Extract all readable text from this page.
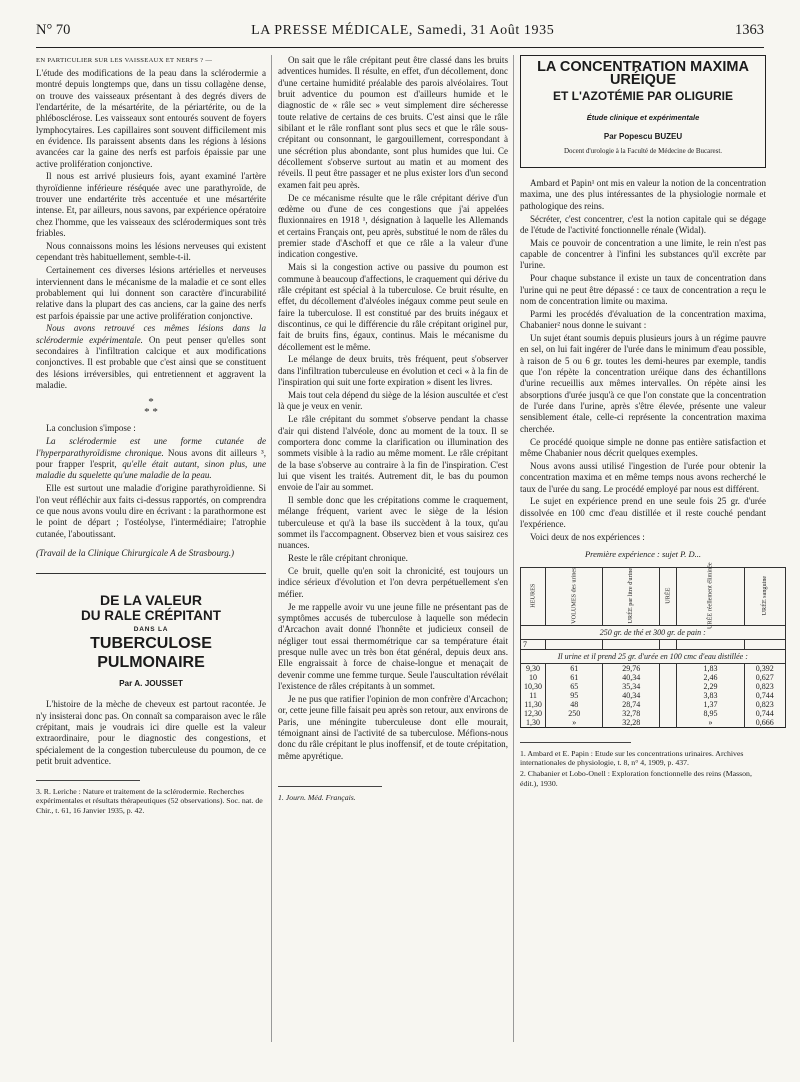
N° 70	LA PRESSE MÉDICALE, Samedi, 31 Août 1935	1363

EN PARTICULIER SUR LES VAISSEAUX ET NERFS ? —

L'étude des modifications de la peau dans la sclérodermie a montré depuis longtemps que, dans un tissu collagène dense, on trouve des vaisseaux présentant à des degrés divers de l'endartérite, de la mésartérite, de la périartérite, ou de la phlébosclérose. Les vaisseaux sont entourés souvent de foyers lymphocytaires. Les capillaires sont souvent difficilement mis en évidence. Ils paraissent absents dans les régions à lésions avancées car la gaine des nerfs est parfois épaissie par une active prolifération conjonctive.

Il nous est arrivé plusieurs fois, ayant examiné l'artère thyroïdienne inférieure réséquée avec une parathyroïde, de trouver une endartérite très accentuée et une mésartérite intense. Et, par ailleurs, nous savons, par expérience opératoire chez l'homme, que les vaisseaux des sclérodermiques sont très friables.

Nous connaissons moins les lésions nerveuses qui existent cependant très habituellement, semble-t-il.

Certainement ces diverses lésions artérielles et nerveuses interviennent dans le mécanisme de la maladie et ce sont elles probablement qui lui donnent son caractère d'incurabilité relative dans la plupart des cas anciens, car la gaine des nerfs est parfois épaissie par une active prolifération conjonctive.

Nous avons retrouvé ces mêmes lésions dans la sclérodermie expérimentale. On peut penser qu'elles sont secondaires à l'infiltration calcique et aux modifications conjonctives. Il est probable que c'est ainsi que se constituent des lésions irréversibles, qui entretiennent et aggravent la maladie.

*
* *

La conclusion s'impose :

La sclérodermie est une forme cutanée de l'hyperparathyroïdisme chronique. Nous avons dit ailleurs ³, pour frapper l'esprit, qu'elle était autant, sinon plus, une maladie du squelette qu'une maladie de la peau.

Elle est surtout une maladie d'origine parathyroïdienne. Si l'on veut réfléchir aux faits ci-dessus rapportés, on comprendra ce que nous avons voulu dire en écrivant : la parathormone est le point de départ ; l'ostéolyse, l'intermédiaire; l'atrophie cutanée, l'aboutissant.

(Travail de la Clinique Chirurgicale A de Strasbourg.)

DE LA VALEUR
DU RALE CRÉPITANT
DANS LA
TUBERCULOSE PULMONAIRE
Par A. JOUSSET

L'histoire de la mèche de cheveux est partout racontée. Je n'y insisterai donc pas. On connaît sa comparaison avec le râle crépitant, mais je voudrais ici dire quelle est la valeur extraordinaire, pour le diagnostic des congestions, et spécialement de la congestion tuberculeuse du poumon, de ce petit bruit adventice.

3. R. Leriche : Nature et traitement de la sclérodermie. Recherches expérimentales et résultats thérapeutiques (52 observations). Soc. nat. de Chir., t. 61, 16 Janvier 1935, p. 42.

On sait que le râle crépitant peut être classé dans les bruits adventices humides. Il résulte, en effet, d'un décollement, donc d'une certaine humidité préalable des parois alvéolaires. Tout bruit adventice du poumon est d'ailleurs humide et le diagnostic de « râle sec » veut simplement dire sécheresse toute relative de certains de ces bruits. C'est ainsi que le râle sibilant et le râle ronflant sont plus secs et que le râle sous-crépitant ou consonnant, le gargouillement, correspondant à une sécrétion plus abondante, sont plus humides que lui. Ce décollement s'observe surtout au matin et au moment des réveils. Il peut être passager et ne plus exister lors d'un second examen fait peu après.

De ce mécanisme résulte que le râle crépitant dérive d'un œdème ou d'une de ces congestions que j'ai appelées fluxionnaires en 1918 ¹, désignation à laquelle les Allemands et certains Français ont, peu après, substitué le nom de râles du premier stade d'Aschoff et que ce râle a la valeur d'une indication congestive.

Mais si la congestion active ou passive du poumon est commune à beaucoup d'affections, le craquement qui dérive du râle crépitant est spécial à la tuberculose. Ce bruit résulte, en effet, du décollement d'alvéoles inégaux comme peut seule en faire la tuberculose. Il est constitué par des bruits inégaux et discontinus, ce qui le différencie du râle crépitant originel pur, fait de bruits fins, égaux, continus. Mais le mécanisme du décollement est le même.

Le mélange de deux bruits, très fréquent, peut s'observer dans l'infiltration tuberculeuse en évolution et ceci « à la fin de l'inspiration qui suit une forte expiration » disent les livres.

Mais tout cela dépend du siège de la lésion auscultée et c'est là que je veux en venir.

Le râle crépitant du sommet s'observe pendant la chasse d'air qui distend l'alvéole, donc au moment de la toux. Il se comportera donc comme la clarification ou illumination des sommets visible à la radio au même moment. Le râle crépitant de la base s'observe au contraire à la fin de l'inspiration. C'est lui que visent les traités. Autrement dit, le bas du poumon envoie de l'air au sommet.

Il semble donc que les crépitations comme le craquement, mélange fréquent, varient avec le siège de la lésion tuberculeuse et qu'à la base ils succèdent à la toux, qu'au sommet ils l'accompagnent. Observez bien et vous saisirez ces nuances.

Reste le râle crépitant chronique.

Ce bruit, quelle qu'en soit la chronicité, est toujours un indice sérieux d'évolution et l'on devra perpétuellement s'en méfier.

Je me rappelle avoir vu une jeune fille ne présentant pas de symptômes accusés de tuberculose à laquelle son médecin d'Arcachon avait donné l'honnête et judicieux conseil de négliger tout essai thermométrique car sa température était presque nulle avec un très bon état général, depuis deux ans. Elle engraissait à force de chaise-longue et menaçait de devenir comme une femme turque. Seule l'auscultation révélait l'existence de râles crépitants à un sommet.

Je ne pus que ratifier l'opinion de mon confrère d'Arcachon; or, cette jeune fille faisait peu après son retour, aux environs de Paris, une méningite tuberculeuse dont elle mourait, témoignant ainsi de l'activité de sa tuberculose. Méfions-nous donc du râle crépitant le plus inoffensif, et de toute crépitation, même apyrétique.

1. Journ. Méd. Français.

LA CONCENTRATION MAXIMA
URÉIQUE
ET L'AZOTÉMIE PAR OLIGURIE
Étude clinique et expérimentale
Par Popescu BUZEU
Docent d'urologie à la Faculté de Médecine de Bucarest.

Ambard et Papin¹ ont mis en valeur la notion de la concentration maxima, une des plus intéressantes de la physiologie normale et pathologique des reins.

Sécréter, c'est concentrer, c'est la notion capitale qui se dégage de l'étude de l'activité fonctionnelle rénale (Widal).

Mais ce pouvoir de concentration a une limite, le rein n'est pas capable de concentrer à l'infini les substances qu'il excrète par l'urine.

Pour chaque substance il existe un taux de concentration dans l'urine qui ne peut être dépassé : ce taux de concentration a reçu le nom de concentration limite ou maxima.

Parmi les procédés d'évaluation de la concentration maxima, Chabanier² nous donne le suivant :

Un sujet étant soumis depuis plusieurs jours à un régime pauvre en sel, on lui fait ingérer de l'urée dans le minimum d'eau possible, à raison de 5 ou 6 gr. toutes les demi-heures par exemple, tandis que l'on répète la concentration uréique dans des échantillons d'urine recueillis aux mêmes intervalles. On répète ainsi les absorptions d'urée jusqu'à ce que l'on constate que la concentration de l'urée dans l'urine, après s'être élevée, présente une valeur sensiblement étale, celle-ci représente la concentration maxima cherchée.

Ce procédé quoique simple ne donne pas entière satisfaction et même Chabanier nous décrit quelques exemples.

Nous avons aussi utilisé l'ingestion de l'urée pour obtenir la concentration maxima et en même temps nous avons recherché le taux de l'urée du sang. Le procédé employé par nous est différent.

Le sujet en expérience prend en une seule fois 25 gr. d'urée dissolvée en 100 cmc d'eau distillée et il reste couché pendant l'expérience.

Voici deux de nos expériences :

Première expérience : sujet P. D...
HEURES	VOLUMES des urines	URÉE par litre d'urine	URÉE	URÉE réellement éliminée	URÉE sanguine
250 gr. de thé et 300 gr. de pain :					
7					
Il urine et il prend 25 gr. d'urée en 100 cmc d'eau distillée :					
9,30	61	29,76		1,83	0,392
10	61	40,34		2,46	0,627
10,30	65	35,34		2,29	0,823
11	95	40,34		3,83	0,744
11,30	48	28,74		1,37	0,823
12,30	250	32,78		8,95	0,744
1,30	»	32,28		»	0,666

1. Ambard et E. Papin : Etude sur les concentrations urinaires. Archives internationales de physiologie, t. 8, n° 4, 1909, p. 437.

2. Chabanier et Lobo-Onell : Exploration fonctionnelle des reins (Masson, édit.), 1930.
